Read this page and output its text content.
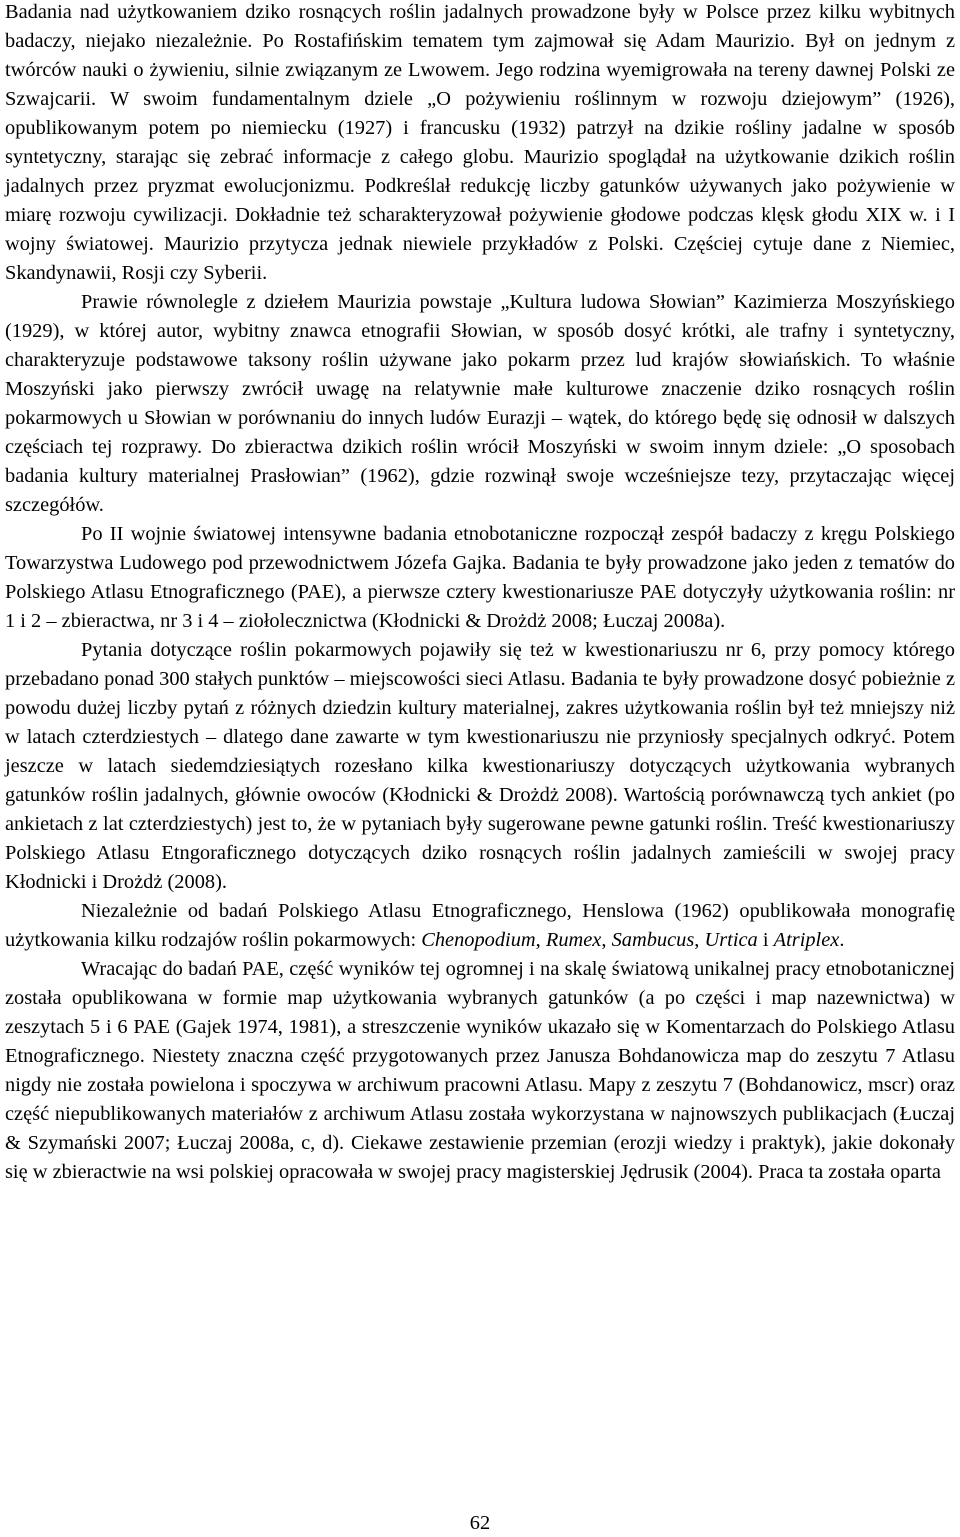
Badania nad użytkowaniem dziko rosnących roślin jadalnych prowadzone były w Polsce przez kilku wybitnych badaczy, niejako niezależnie. Po Rostafińskim tematem tym zajmował się Adam Maurizio. Był on jednym z twórców nauki o żywieniu, silnie związanym ze Lwowem. Jego rodzina wyemigrowała na tereny dawnej Polski ze Szwajcarii. W swoim fundamentalnym dziele „O pożywieniu roślinnym w rozwoju dziejowym” (1926), opublikowanym potem po niemiecku (1927) i francusku (1932) patrzył na dzikie rośliny jadalne w sposób syntetyczny, starając się zebrać informacje z całego globu. Maurizio spoglądał na użytkowanie dzikich roślin jadalnych przez pryzmat ewolucjonizmu. Podkreślał redukcję liczby gatunków używanych jako pożywienie w miarę rozwoju cywilizacji. Dokładnie też scharakteryzował pożywienie głodowe podczas klęsk głodu XIX w. i I wojny światowej. Maurizio przytycza jednak niewiele przykładów z Polski. Częściej cytuje dane z Niemiec, Skandynawii, Rosji czy Syberii.

Prawie równolegle z dziełem Maurizia powstaje „Kultura ludowa Słowian” Kazimierza Moszyńskiego (1929), w której autor, wybitny znawca etnografii Słowian, w sposób dosyć krótki, ale trafny i syntetyczny, charakteryzuje podstawowe taksony roślin używane jako pokarm przez lud krajów słowiańskich. To właśnie Moszyński jako pierwszy zwrócił uwagę na relatywnie małe kulturowe znaczenie dziko rosnących roślin pokarmowych u Słowian w porównaniu do innych ludów Eurazji – wątek, do którego będę się odnosił w dalszych częściach tej rozprawy. Do zbieractwa dzikich roślin wrócił Moszyński w swoim innym dziele: „O sposobach badania kultury materialnej Prasłowian” (1962), gdzie rozwinął swoje wcześniejsze tezy, przytaczając więcej szczegółów.

Po II wojnie światowej intensywne badania etnobotaniczne rozpoczął zespół badaczy z kręgu Polskiego Towarzystwa Ludowego pod przewodnictwem Józefa Gajka. Badania te były prowadzone jako jeden z tematów do Polskiego Atlasu Etnograficznego (PAE), a pierwsze cztery kwestionariusze PAE dotyczyły użytkowania roślin: nr 1 i 2 – zbieractwa, nr 3 i 4 – ziołolecznictwa (Kłodnicki & Drożdż 2008; Łuczaj 2008a).

Pytania dotyczące roślin pokarmowych pojawiły się też w kwestionariuszu nr 6, przy pomocy którego przebadano ponad 300 stałych punktów – miejscowości sieci Atlasu. Badania te były prowadzone dosyć pobieżnie z powodu dużej liczby pytań z różnych dziedzin kultury materialnej, zakres użytkowania roślin był też mniejszy niż w latach czterdziestych – dlatego dane zawarte w tym kwestionariuszu nie przyniosły specjalnych odkryć. Potem jeszcze w latach siedemdziesiątych rozesłano kilka kwestionariuszy dotyczących użytkowania wybranych gatunków roślin jadalnych, głównie owoców (Kłodnicki & Drożdż 2008). Wartością porównawczą tych ankiet (po ankietach z lat czterdziestych) jest to, że w pytaniach były sugerowane pewne gatunki roślin. Treść kwestionariuszy Polskiego Atlasu Etngoraficznego dotyczących dziko rosnących roślin jadalnych zamieścili w swojej pracy Kłodnicki i Drożdż (2008).

Niezależnie od badań Polskiego Atlasu Etnograficznego, Henslowa (1962) opublikowała monografię użytkowania kilku rodzajów roślin pokarmowych: Chenopodium, Rumex, Sambucus, Urtica i Atriplex.

Wracając do badań PAE, część wyników tej ogromnej i na skalę światową unikalnej pracy etnobotanicznej została opublikowana w formie map użytkowania wybranych gatunków (a po części i map nazewnictwa) w zeszytach 5 i 6 PAE (Gajek 1974, 1981), a streszczenie wyników ukazało się w Komentarzach do Polskiego Atlasu Etnograficznego. Niestety znaczna część przygotowanych przez Janusza Bohdanowicza map do zeszytu 7 Atlasu nigdy nie została powielona i spoczywa w archiwum pracowni Atlasu. Mapy z zeszytu 7 (Bohdanowicz, mscr) oraz część niepublikowanych materiałów z archiwum Atlasu została wykorzystana w najnowszych publikacjach (Łuczaj & Szymański 2007; Łuczaj 2008a, c, d). Ciekawe zestawienie przemian (erozji wiedzy i praktyk), jakie dokonały się w zbieractwie na wsi polskiej opracowała w swojej pracy magisterskiej Jędrusik (2004). Praca ta została oparta

62
